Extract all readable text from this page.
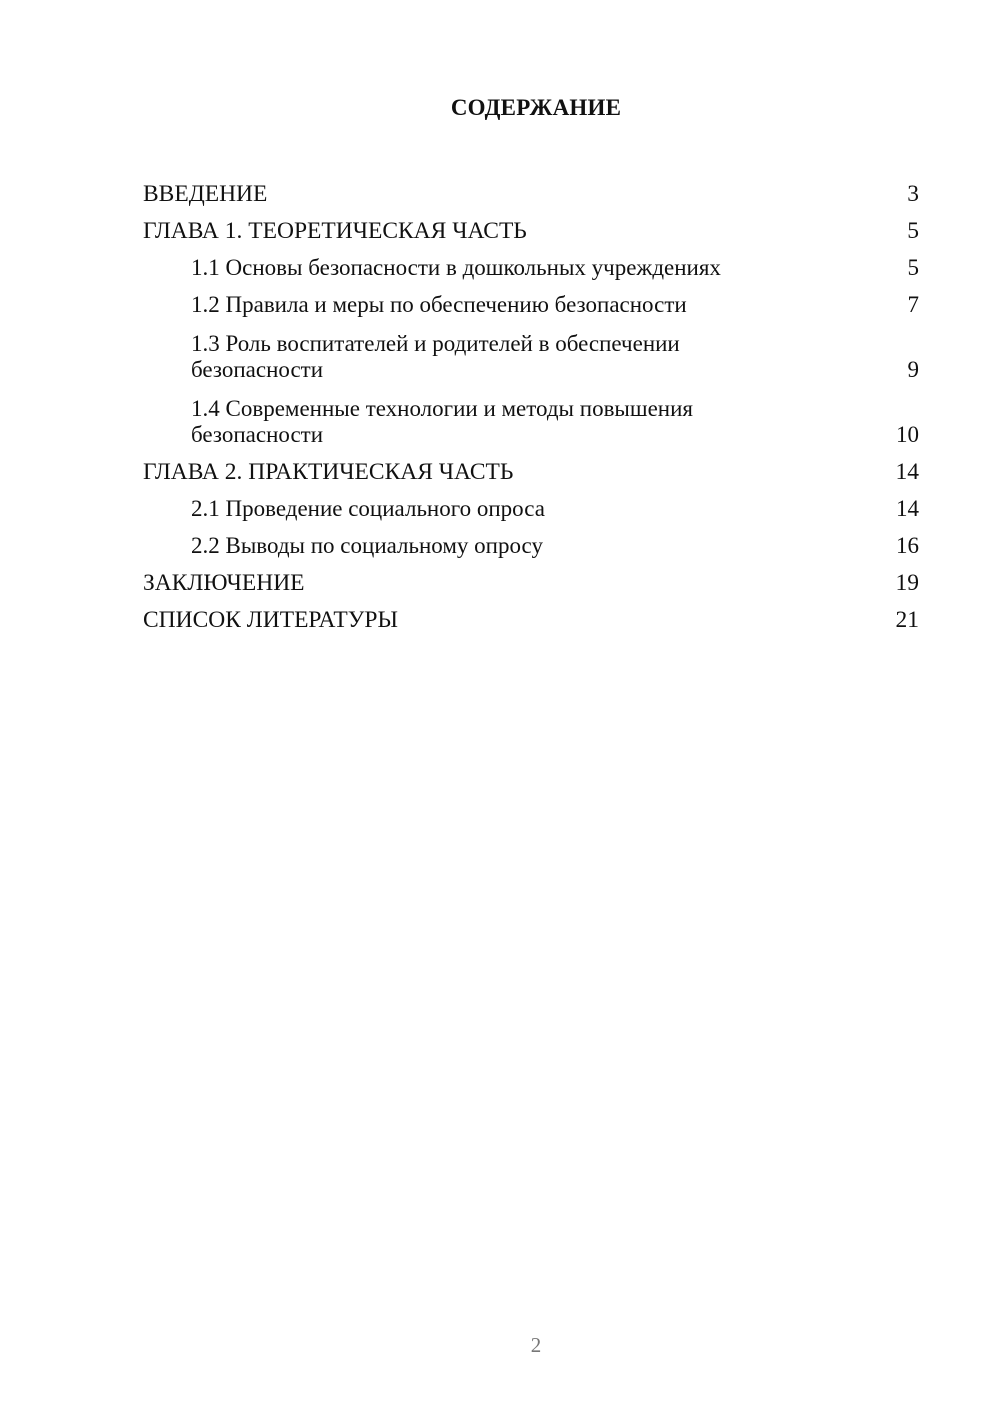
СОДЕРЖАНИЕ
ВВЕДЕНИЕ	3
ГЛАВА 1. ТЕОРЕТИЧЕСКАЯ ЧАСТЬ	5
1.1 Основы безопасности в дошкольных учреждениях	5
1.2 Правила и меры по обеспечению безопасности	7
1.3 Роль воспитателей и родителей в обеспечении безопасности	9
1.4 Современные технологии и методы повышения безопасности	10
ГЛАВА 2. ПРАКТИЧЕСКАЯ ЧАСТЬ	14
2.1 Проведение социального опроса	14
2.2 Выводы по социальному опросу	16
ЗАКЛЮЧЕНИЕ	19
СПИСОК ЛИТЕРАТУРЫ	21
2
